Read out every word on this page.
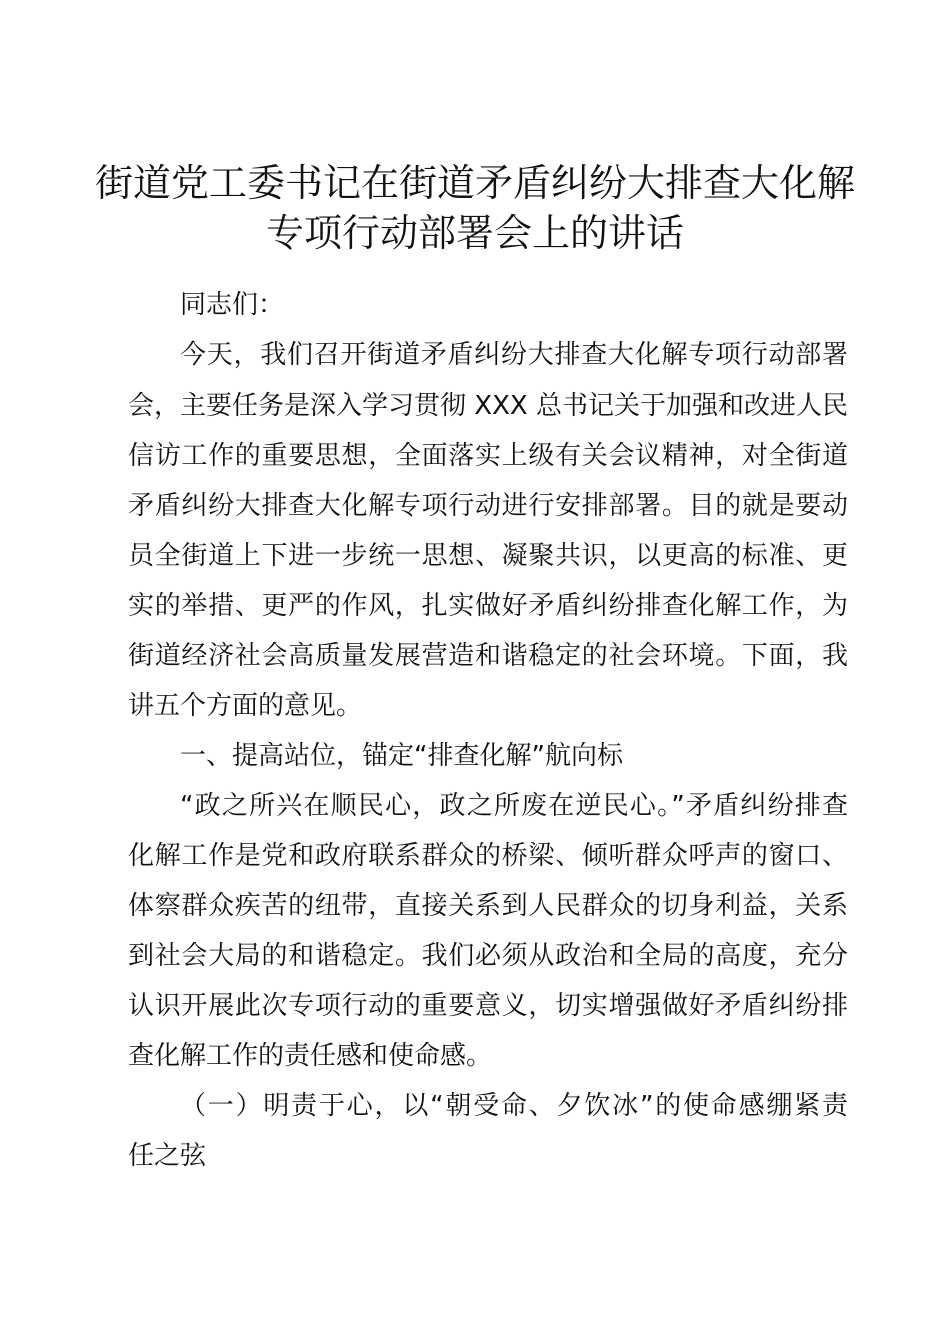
街道党工委书记在街道矛盾纠纷大排查大化解
专项行动部署会上的讲话

同志们：

今天，我们召开街道矛盾纠纷大排查大化解专项行动部署

会，主要任务是深入学习贯彻 XXX 总书记关于加强和改进人民

信访工作的重要思想，全面落实上级有关会议精神，对全街道

矛盾纠纷大排查大化解专项行动进行安排部署。目的就是要动

员全街道上下进一步统一思想、凝聚共识，以更高的标准、更

实的举措、更严的作风，扎实做好矛盾纠纷排查化解工作，为

街道经济社会高质量发展营造和谐稳定的社会环境。下面，我

讲五个方面的意见。

一、提高站位，锚定“排查化解”航向标

“政之所兴在顺民心，政之所废在逆民心。”矛盾纠纷排查

化解工作是党和政府联系群众的桥梁、倾听群众呼声的窗口、

体察群众疾苦的纽带，直接关系到人民群众的切身利益，关系

到社会大局的和谐稳定。我们必须从政治和全局的高度，充分

认识开展此次专项行动的重要意义，切实增强做好矛盾纠纷排

查化解工作的责任感和使命感。

（一）明责于心，以“朝受命、夕饮冰”的使命感绷紧责

任之弦
